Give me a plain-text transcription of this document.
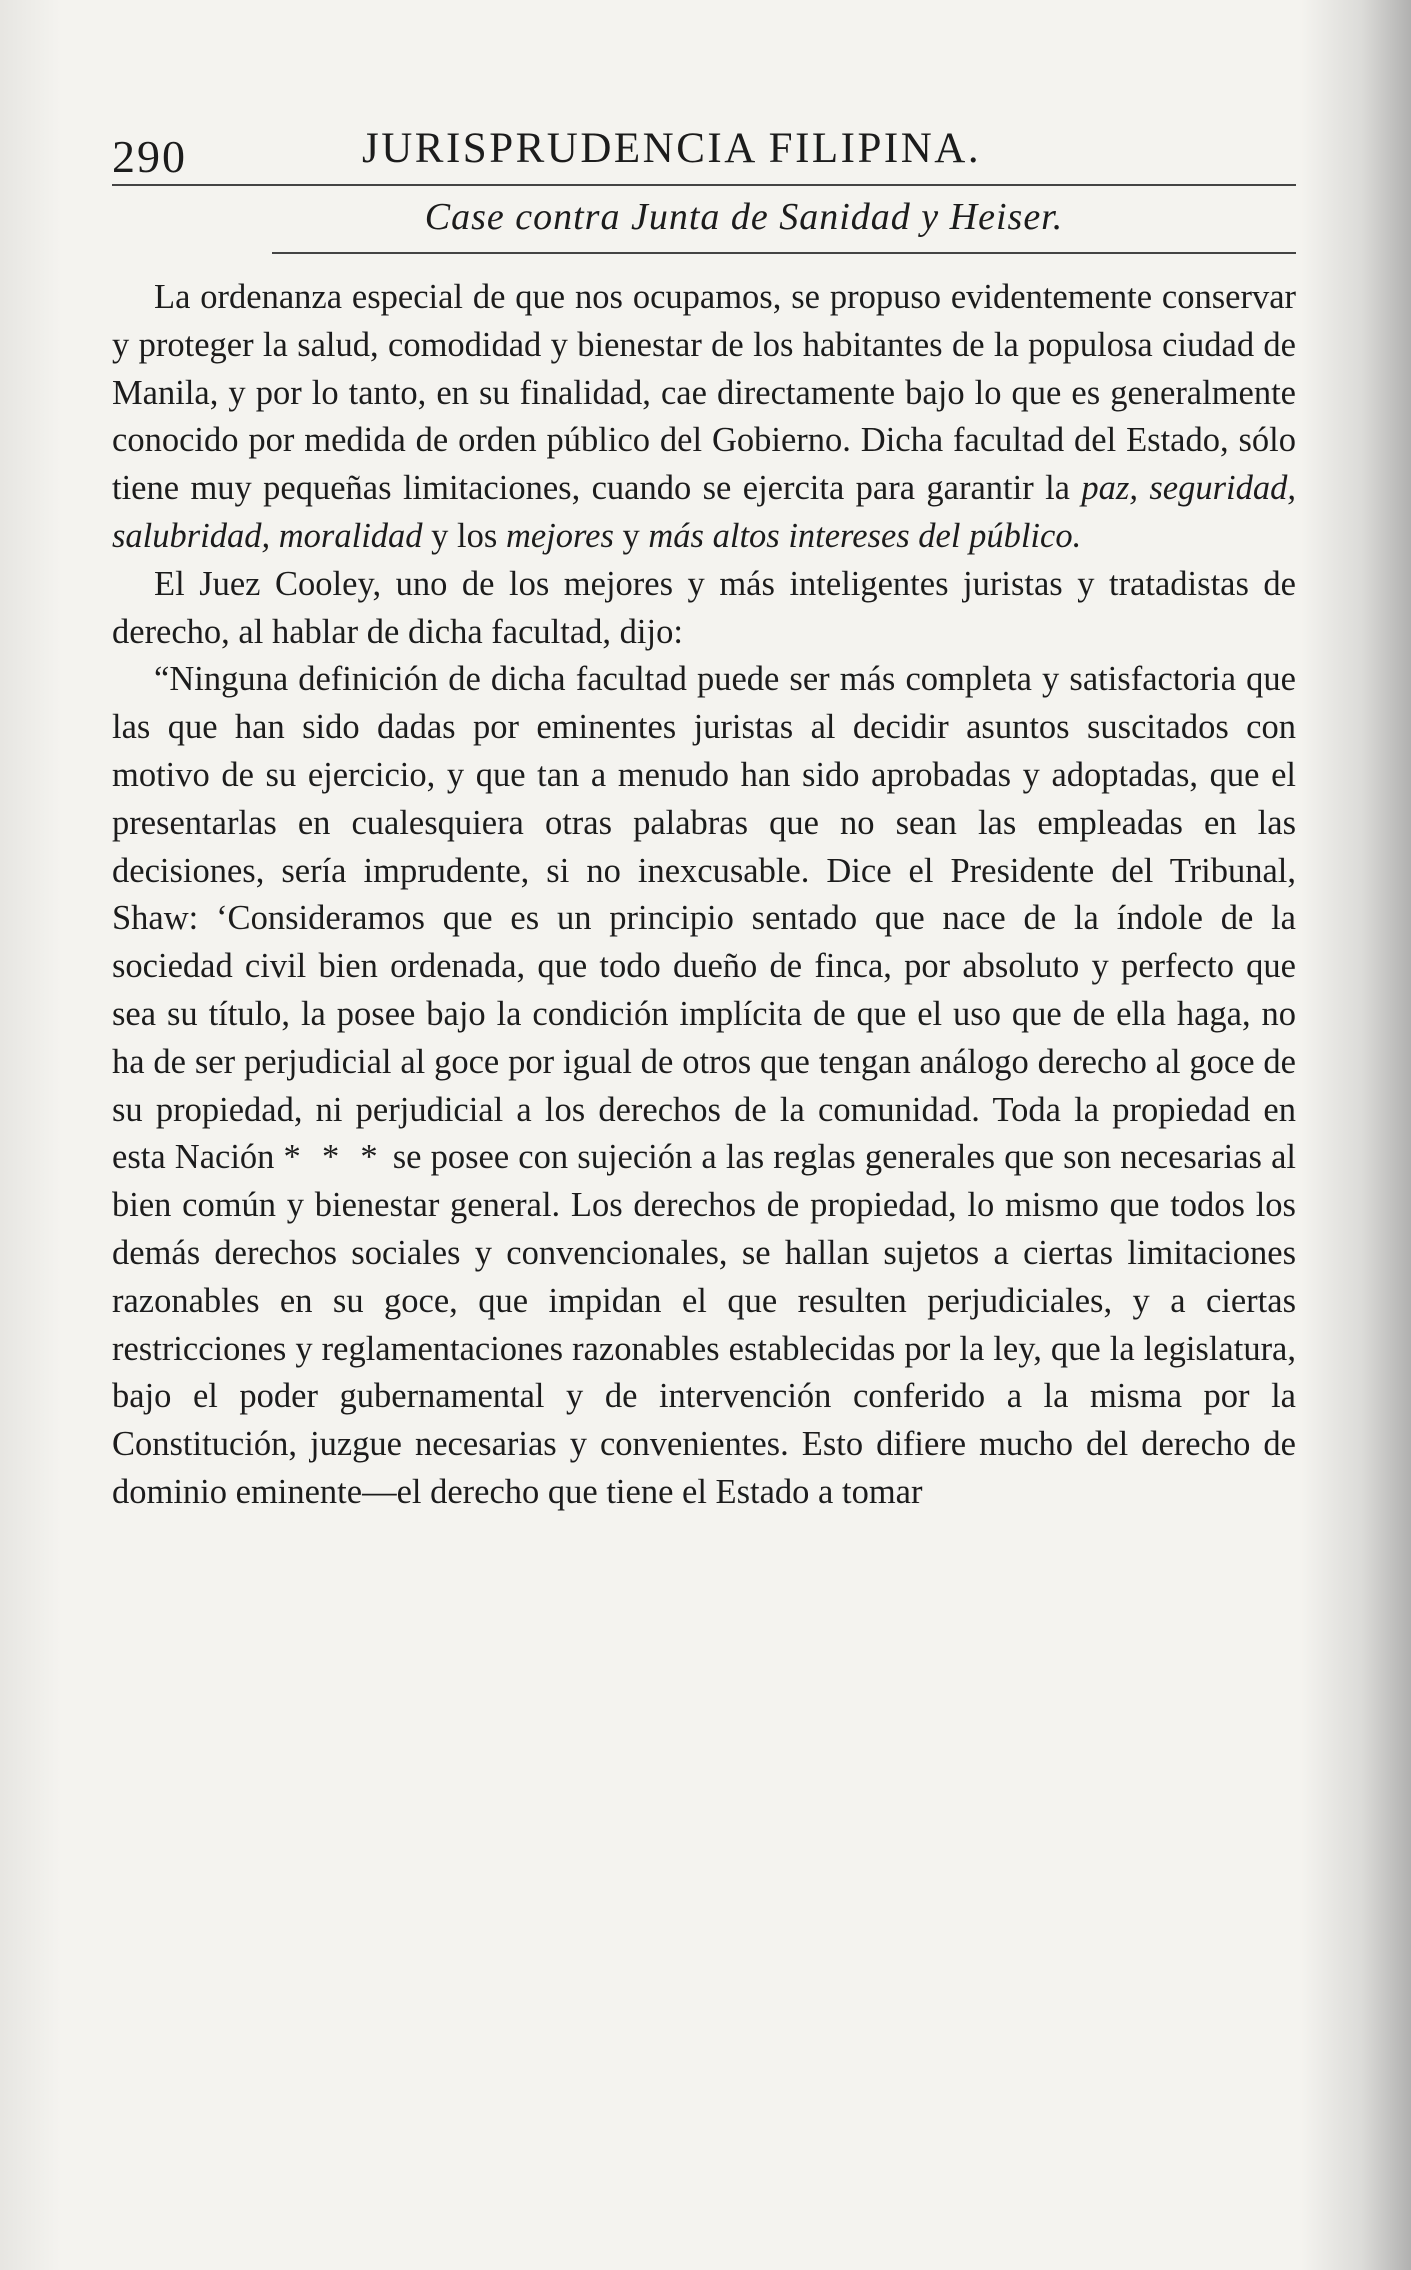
290	JURISPRUDENCIA FILIPINA.
Case contra Junta de Sanidad y Heiser.

La ordenanza especial de que nos ocupamos, se propuso evidentemente conservar y proteger la salud, comodidad y bienestar de los habitantes de la populosa ciudad de Manila, y por lo tanto, en su finalidad, cae directamente bajo lo que es generalmente conocido por medida de orden público del Gobierno. Dicha facultad del Estado, sólo tiene muy pequeñas limitaciones, cuando se ejercita para garantir la paz, seguridad, salubridad, moralidad y los mejores y más altos intereses del público.

El Juez Cooley, uno de los mejores y más inteligentes juristas y tratadistas de derecho, al hablar de dicha facultad, dijo:

“Ninguna definición de dicha facultad puede ser más completa y satisfactoria que las que han sido dadas por eminentes juristas al decidir asuntos suscitados con motivo de su ejercicio, y que tan a menudo han sido aprobadas y adoptadas, que el presentarlas en cualesquiera otras palabras que no sean las empleadas en las decisiones, sería imprudente, si no inexcusable. Dice el Presidente del Tribunal, Shaw: ‘Consideramos que es un principio sentado que nace de la índole de la sociedad civil bien ordenada, que todo dueño de finca, por absoluto y perfecto que sea su título, la posee bajo la condición implícita de que el uso que de ella haga, no ha de ser perjudicial al goce por igual de otros que tengan análogo derecho al goce de su propiedad, ni perjudicial a los derechos de la comunidad. Toda la propiedad en esta Nación * * * se posee con sujeción a las reglas generales que son necesarias al bien común y bienestar general. Los derechos de propiedad, lo mismo que todos los demás derechos sociales y convencionales, se hallan sujetos a ciertas limitaciones razonables en su goce, que impidan el que resulten perjudiciales, y a ciertas restricciones y reglamentaciones razonables establecidas por la ley, que la legislatura, bajo el poder gubernamental y de intervención conferido a la misma por la Constitución, juzgue necesarias y convenientes. Esto difiere mucho del derecho de dominio eminente—el derecho que tiene el Estado a tomar
